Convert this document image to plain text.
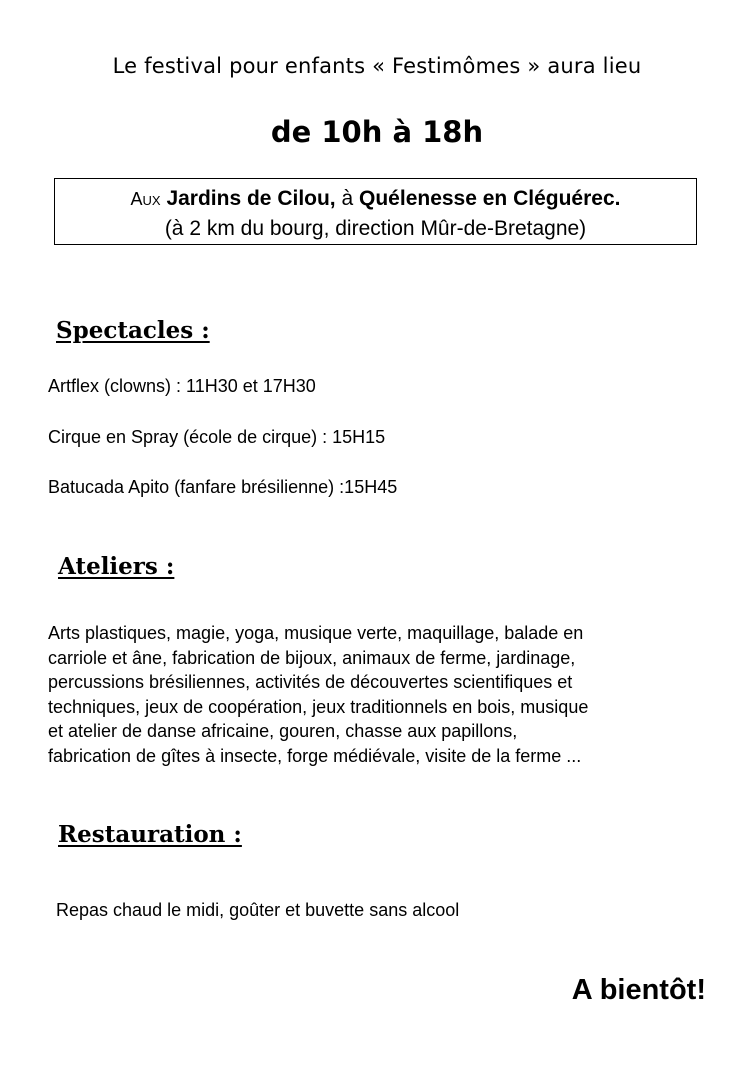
Le festival pour enfants « Festimômes » aura lieu
de 10h à 18h
Aux Jardins de Cilou, à Quélenesse en Cléguérec.
(à 2 km du bourg, direction Mûr-de-Bretagne)
Spectacles :
Artflex (clowns) : 11H30 et 17H30
Cirque en Spray (école de cirque) : 15H15
Batucada Apito (fanfare brésilienne) :15H45
Ateliers :
Arts plastiques, magie, yoga, musique verte, maquillage, balade en
carriole et âne, fabrication de bijoux, animaux de ferme, jardinage,
percussions brésiliennes, activités de découvertes scientifiques et
techniques, jeux de coopération, jeux traditionnels en bois, musique
et atelier de danse africaine, gouren, chasse aux papillons,
fabrication de gîtes à insecte, forge médiévale, visite de la ferme ...
Restauration :
Repas chaud le midi, goûter et buvette sans alcool
A bientôt!
